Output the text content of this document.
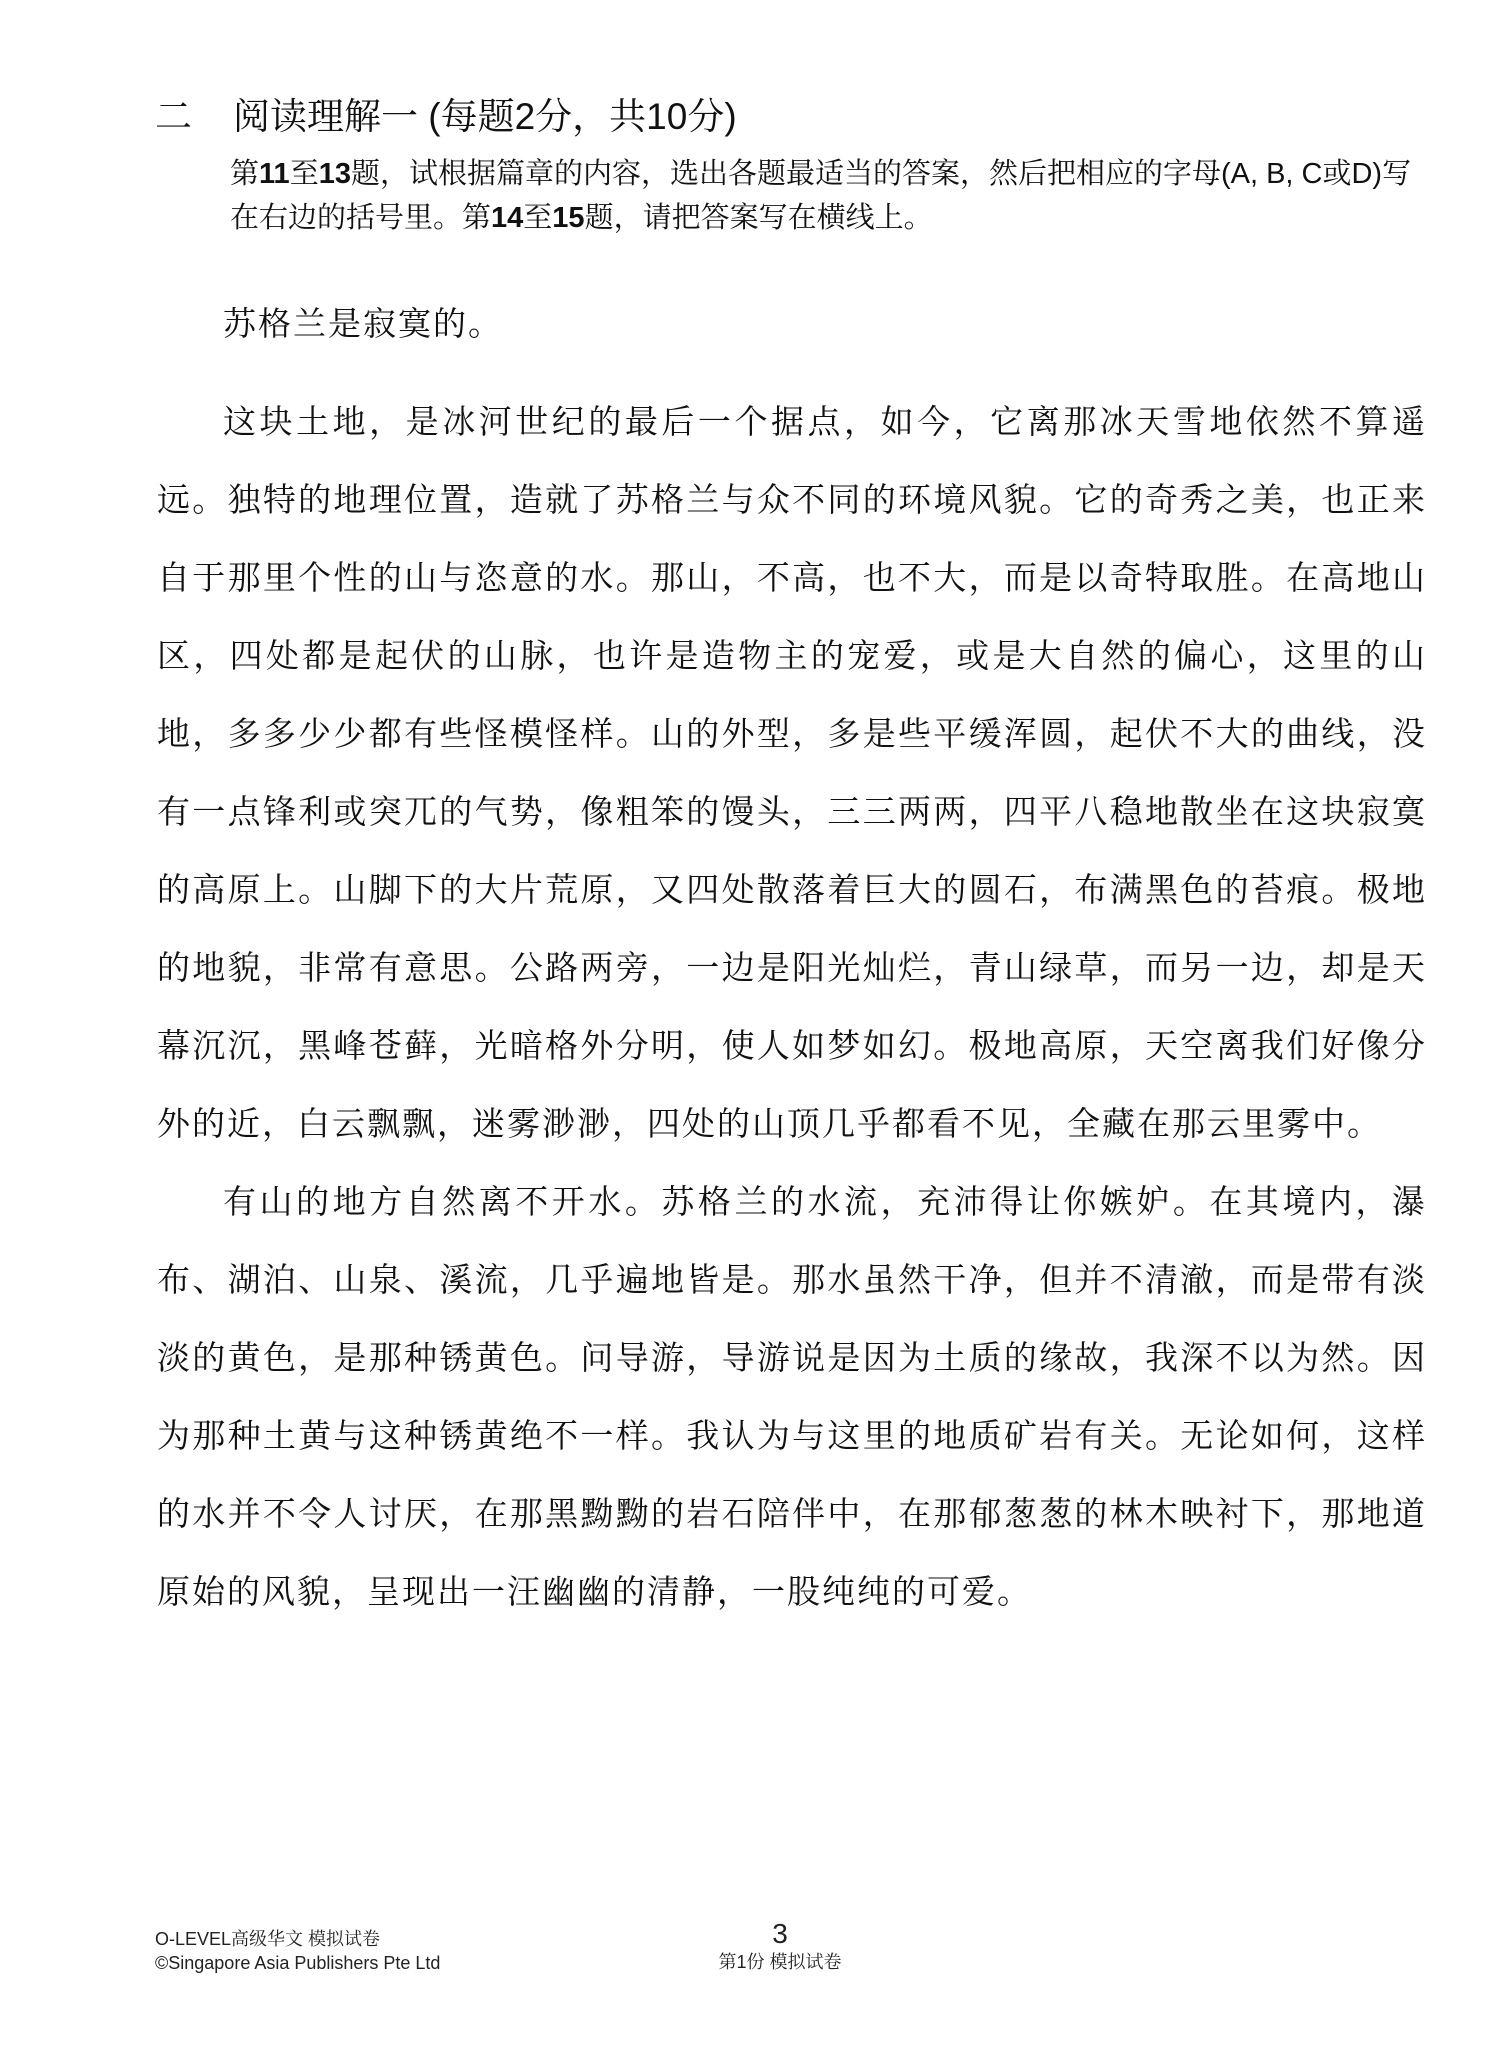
二 阅读理解一 (每题2分，共10分)
第11至13题，试根据篇章的内容，选出各题最适当的答案，然后把相应的字母(A, B, C或D)写在右边的括号里。第14至15题，请把答案写在横线上。

苏格兰是寂寞的。

这块土地，是冰河世纪的最后一个据点，如今，它离那冰天雪地依然不算遥远。独特的地理位置，造就了苏格兰与众不同的环境风貌。它的奇秀之美，也正来自于那里个性的山与恣意的水。那山，不高，也不大，而是以奇特取胜。在高地山区，四处都是起伏的山脉，也许是造物主的宠爱，或是大自然的偏心，这里的山地，多多少少都有些怪模怪样。山的外型，多是些平缓浑圆，起伏不大的曲线，没有一点锋利或突兀的气势，像粗笨的馒头，三三两两，四平八稳地散坐在这块寂寞的高原上。山脚下的大片荒原，又四处散落着巨大的圆石，布满黑色的苔痕。极地的地貌，非常有意思。公路两旁，一边是阳光灿烂，青山绿草，而另一边，却是天幕沉沉，黑峰苍藓，光暗格外分明，使人如梦如幻。极地高原，天空离我们好像分外的近，白云飘飘，迷雾渺渺，四处的山顶几乎都看不见，全藏在那云里雾中。

有山的地方自然离不开水。苏格兰的水流，充沛得让你嫉妒。在其境内，瀑布、湖泊、山泉、溪流，几乎遍地皆是。那水虽然干净，但并不清澈，而是带有淡淡的黄色，是那种锈黄色。问导游，导游说是因为土质的缘故，我深不以为然。因为那种土黄与这种锈黄绝不一样。我认为与这里的地质矿岩有关。无论如何，这样的水并不令人讨厌，在那黑黝黝的岩石陪伴中，在那郁葱葱的林木映衬下，那地道原始的风貌，呈现出一汪幽幽的清静，一股纯纯的可爱。

O-LEVEL高级华文 模拟试卷
©Singapore Asia Publishers Pte Ltd
3
第1份 模拟试卷
